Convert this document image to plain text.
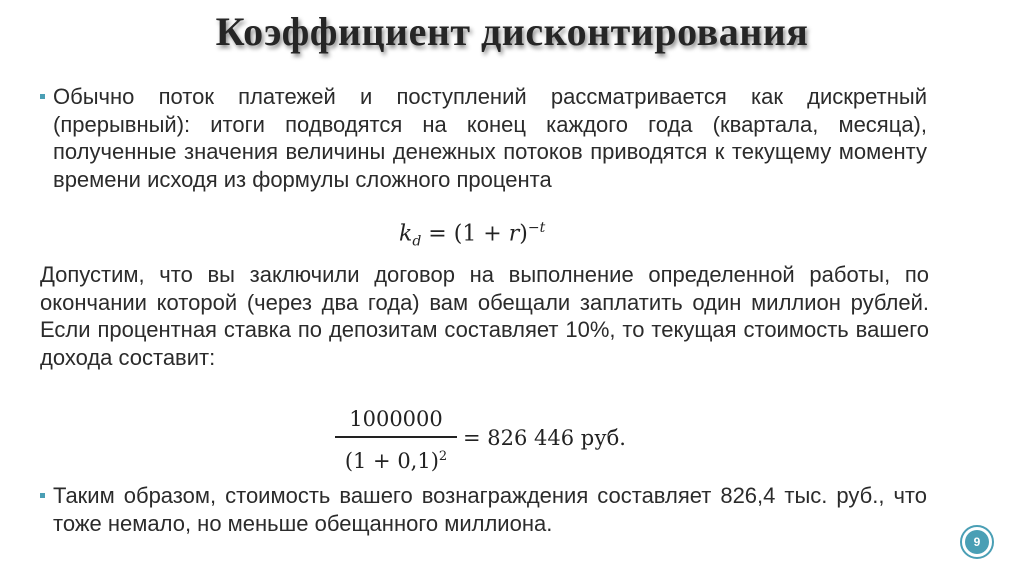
Коэффициент дисконтирования
Обычно поток платежей и поступлений рассматривается как дискретный (прерывный): итоги подводятся на конец каждого года (квартала, месяца), полученные значения величины денежных потоков приводятся к текущему моменту времени исходя из формулы сложного процента
$k_d = (1 + r)^{-t}$
Допустим, что вы заключили договор на выполнение определенной работы, по окончании которой (через два года) вам обещали заплатить один миллион рублей. Если процентная ставка по депозитам составляет 10%, то текущая стоимость вашего дохода составит:
1000000
$(1 + 0,1)^2$
= 826 446 руб.
Таким образом, стоимость вашего вознаграждения составляет 826,4 тыс. руб., что тоже немало, но меньше обещанного миллиона.
9
